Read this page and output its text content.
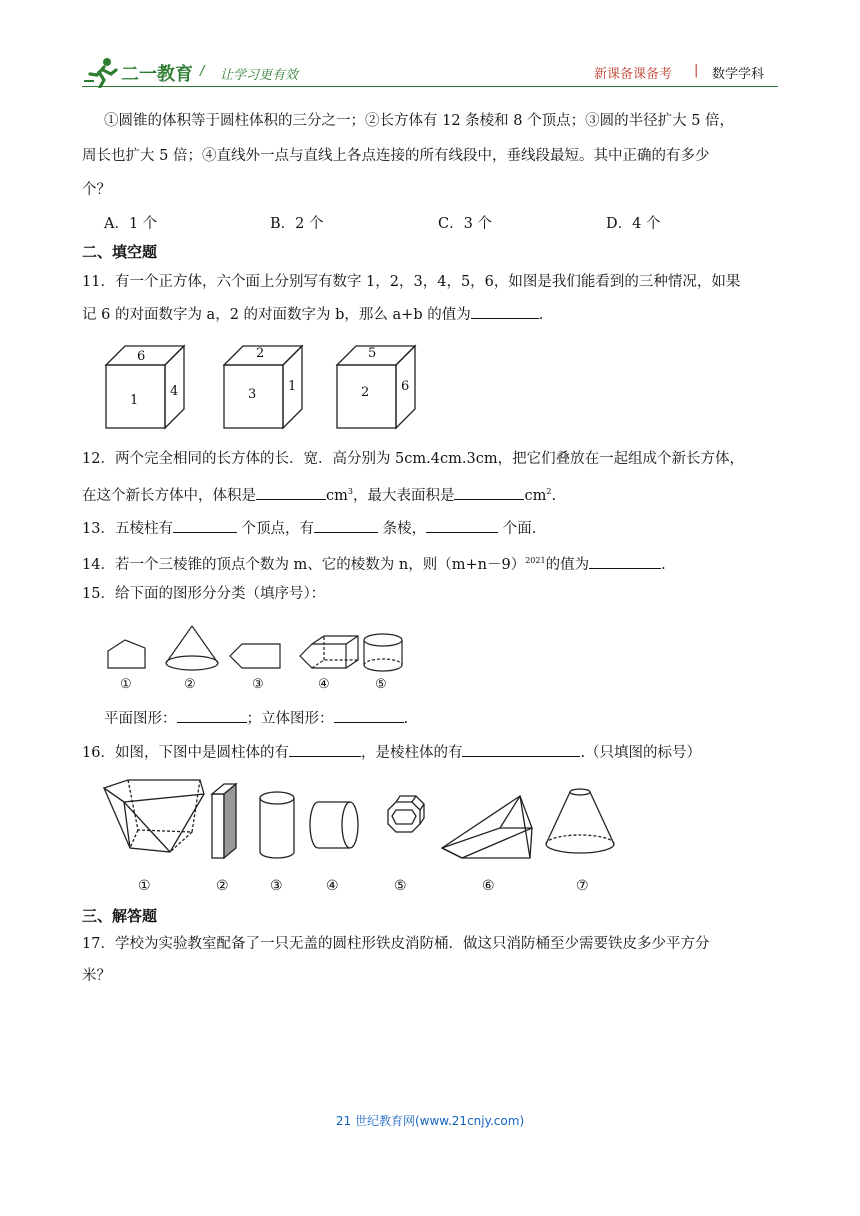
二一教育 / 让学习更有效	新课备课备考 | 数学学科
①圆锥的体积等于圆柱体积的三分之一；②长方体有 12 条棱和 8 个顶点；③圆的半径扩大 5 倍，
周长也扩大 5 倍；④直线外一点与直线上各点连接的所有线段中，垂线段最短。其中正确的有多少
个？
A．1 个	B．2 个	C．3 个	D．4 个
二、填空题
11．有一个正方体，六个面上分别写有数字 1，2，3，4，5，6，如图是我们能看到的三种情况，如果
记 6 的对面数字为 a，2 的对面数字为 b，那么 a+b 的值为	.
6
1
4
2
3
1
5
2 6
12．两个完全相同的长方体的长．宽．高分别为 5cm.4cm.3cm，把它们叠放在一起组成个新长方体，
在这个新长方体中，体积是	$cm^3$，最大表面积是	$cm^2$.
13．五棱柱有	个顶点，有	条棱，	个面.
14．若一个三棱锥的顶点个数为 m、它的棱数为 n，则$(m+n-9)^{2021}$的值为	.
15．给下面的图形分分类（填序号）：
①	②	③	④	⑤
平面图形：	；立体图形：	.
16．如图，下图中是圆柱体的有	，是棱柱体的有	.（只填图的标号）
①	②	③	④	⑤	⑥	⑦
三、解答题
17．学校为实验教室配备了一只无盖的圆柱形铁皮消防桶．做这只消防桶至少需要铁皮多少平方分
米？
21 世纪教育网(www.21cnjy.com)
